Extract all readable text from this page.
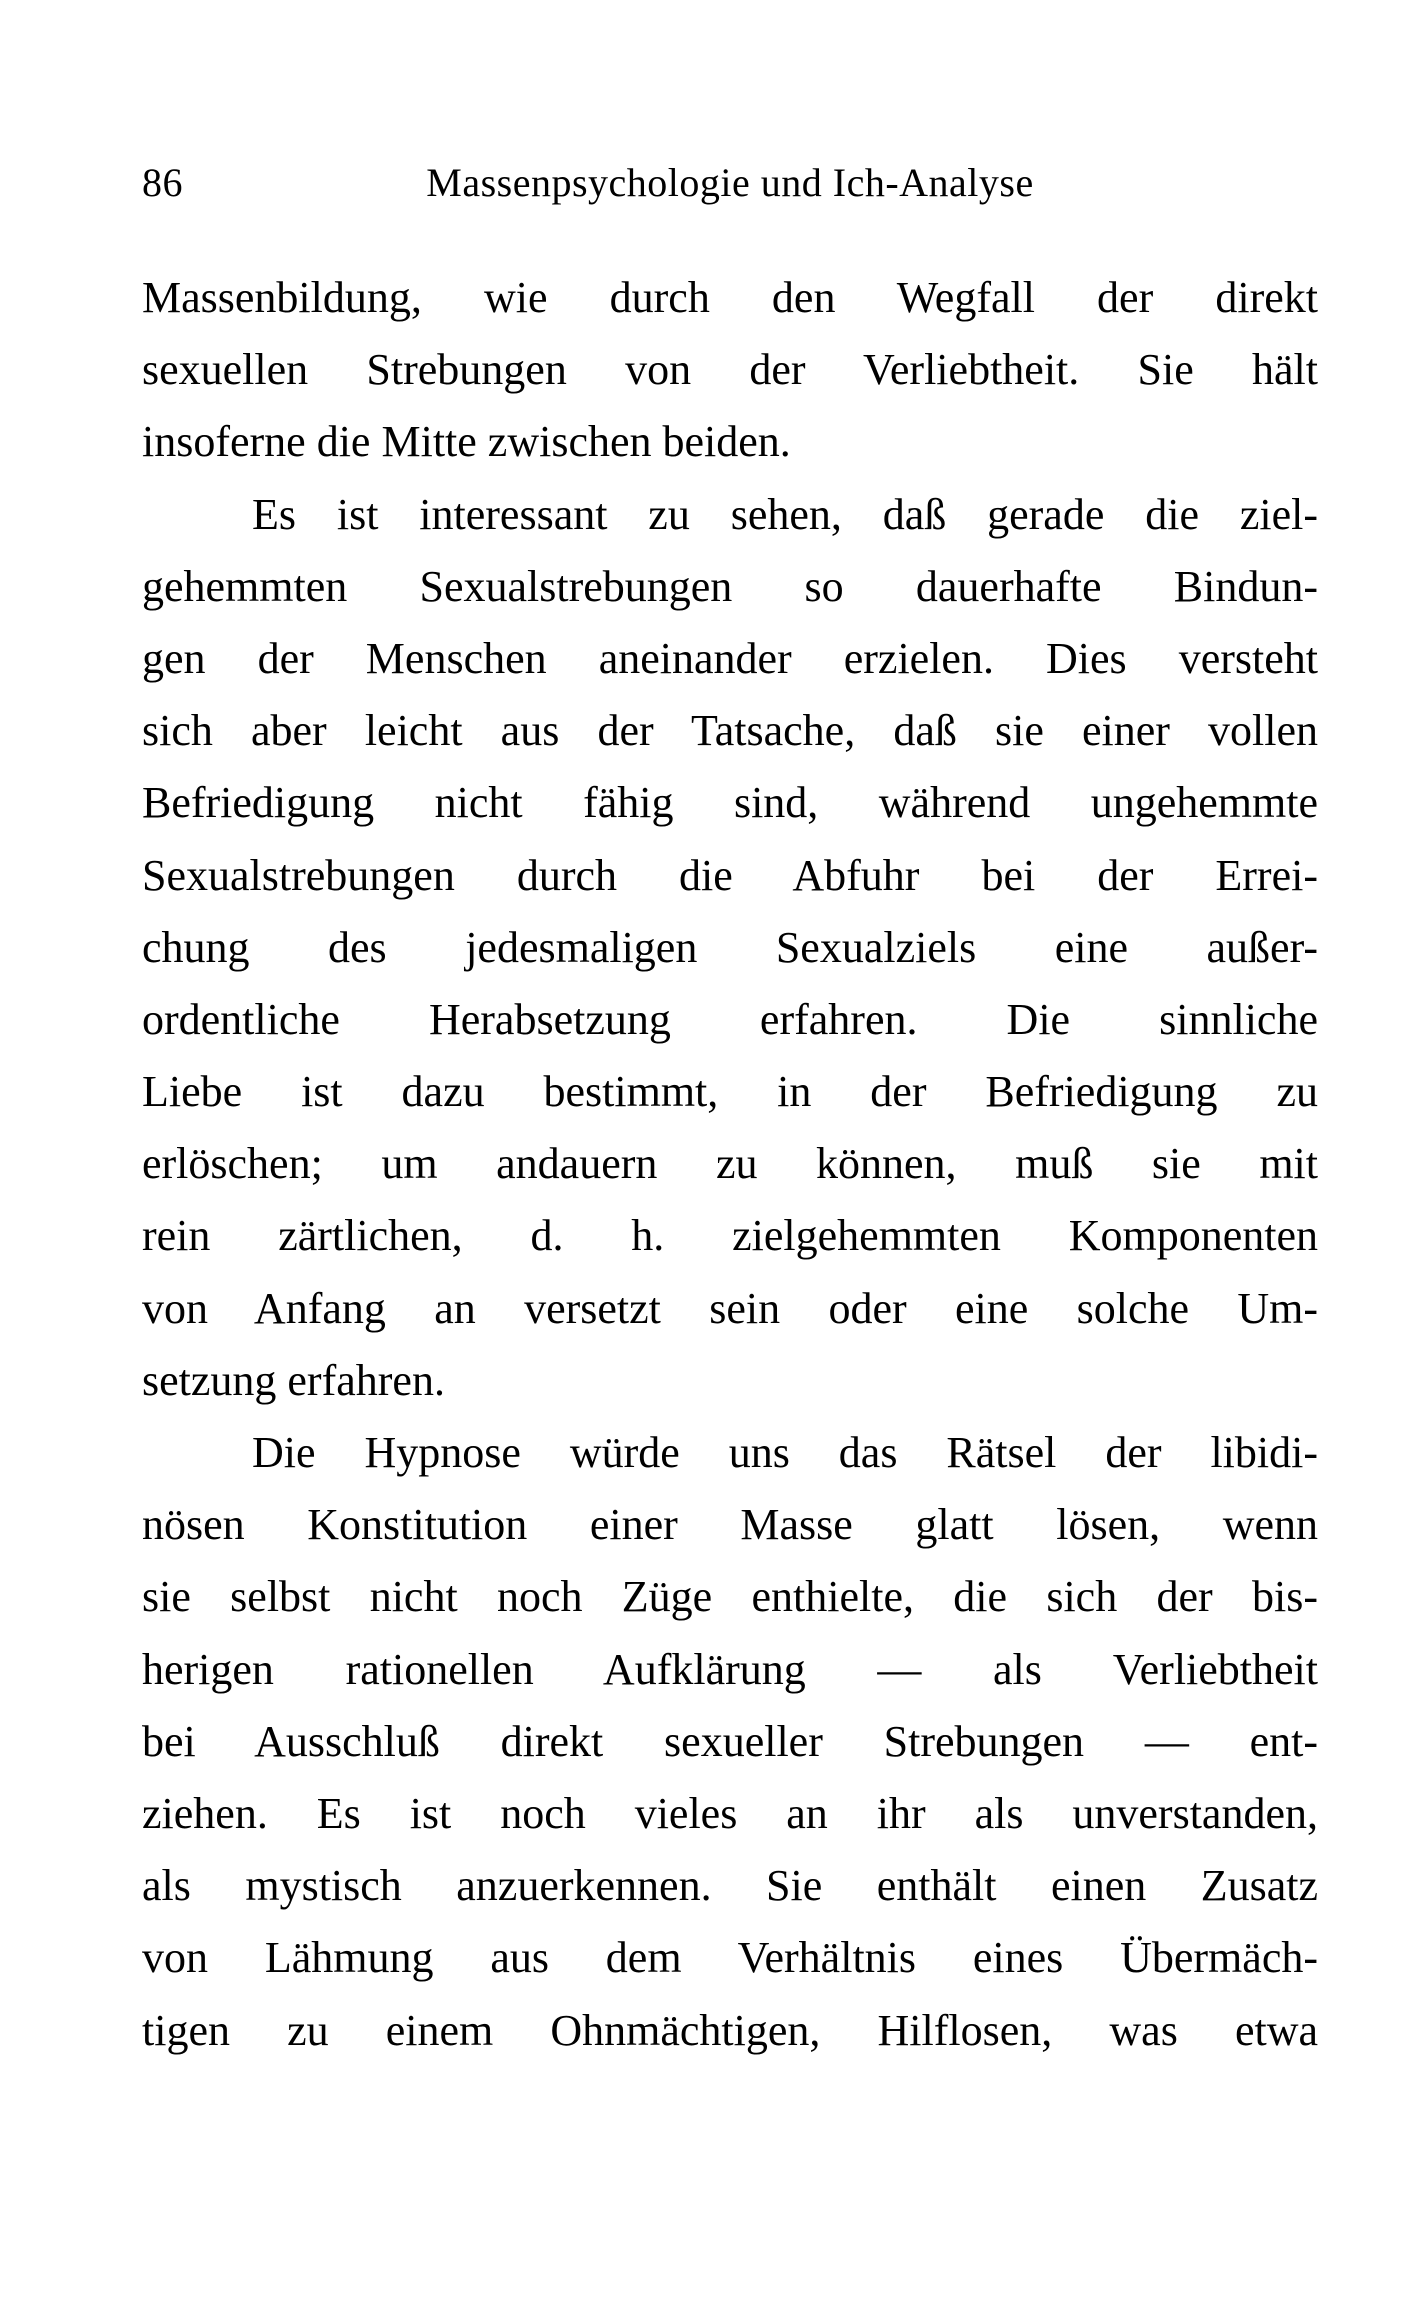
86	Massenpsychologie und Ich-Analyse
Massenbildung, wie durch den Wegfall der direkt
sexuellen Strebungen von der Verliebtheit. Sie hält
insoferne die Mitte zwischen beiden.
Es ist interessant zu sehen, daß gerade die ziel-
gehemmten Sexualstrebungen so dauerhafte Bindun-
gen der Menschen aneinander erzielen. Dies versteht
sich aber leicht aus der Tatsache, daß sie einer vollen
Befriedigung nicht fähig sind, während ungehemmte
Sexualstrebungen durch die Abfuhr bei der Errei-
chung des jedesmaligen Sexualziels eine außer-
ordentliche Herabsetzung erfahren. Die sinnliche
Liebe ist dazu bestimmt, in der Befriedigung zu
erlöschen; um andauern zu können, muß sie mit
rein zärtlichen, d. h. zielgehemmten Komponenten
von Anfang an versetzt sein oder eine solche Um-
setzung erfahren.
Die Hypnose würde uns das Rätsel der libidi-
nösen Konstitution einer Masse glatt lösen, wenn
sie selbst nicht noch Züge enthielte, die sich der bis-
herigen rationellen Aufklärung — als Verliebtheit
bei Ausschluß direkt sexueller Strebungen — ent-
ziehen. Es ist noch vieles an ihr als unverstanden,
als mystisch anzuerkennen. Sie enthält einen Zusatz
von Lähmung aus dem Verhältnis eines Übermäch-
tigen zu einem Ohnmächtigen, Hilflosen, was etwa
